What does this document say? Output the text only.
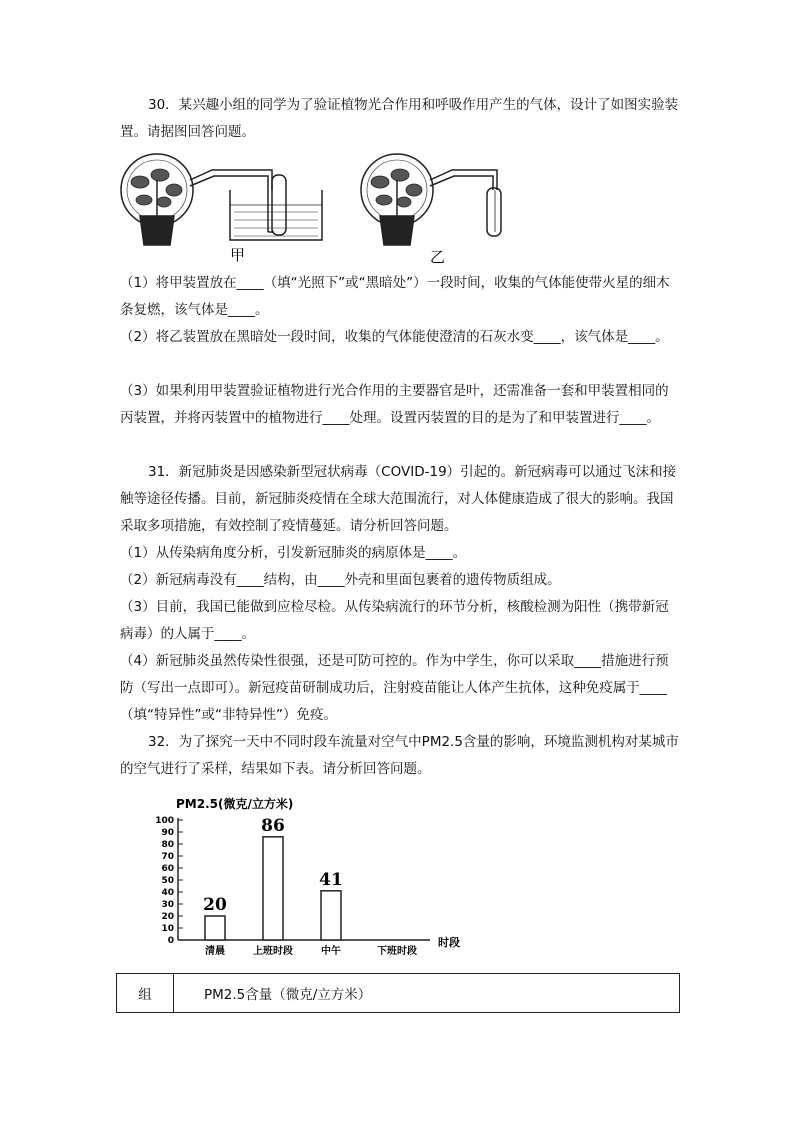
30．某兴趣小组的同学为了验证植物光合作用和呼吸作用产生的气体，设计了如图实验装置。请据图回答问题。

甲	乙

（1）将甲装置放在____（填“光照下”或“黑暗处”）一段时间，收集的气体能使带火星的细木条复燃，该气体是____。

（2）将乙装置放在黑暗处一段时间，收集的气体能使澄清的石灰水变____，该气体是____。

（3）如果利用甲装置验证植物进行光合作用的主要器官是叶，还需准备一套和甲装置相同的丙装置，并将丙装置中的植物进行____处理。设置丙装置的目的是为了和甲装置进行____。

31．新冠肺炎是因感染新型冠状病毒（COVID-19）引起的。新冠病毒可以通过飞沫和接触等途径传播。目前，新冠肺炎疫情在全球大范围流行，对人体健康造成了很大的影响。我国采取多项措施，有效控制了疫情蔓延。请分析回答问题。

（1）从传染病角度分析，引发新冠肺炎的病原体是____。

（2）新冠病毒没有____结构，由____外壳和里面包裹着的遗传物质组成。

（3）目前，我国已能做到应检尽检。从传染病流行的环节分析，核酸检测为阳性（携带新冠病毒）的人属于____。

（4）新冠肺炎虽然传染性很强，还是可防可控的。作为中学生，你可以采取____措施进行预防（写出一点即可）。新冠疫苗研制成功后，注射疫苗能让人体产生抗体，这种免疫属于____（填“特异性”或“非特异性”）免疫。

32．为了探究一天中不同时段车流量对空气中PM2.5含量的影响，环境监测机构对某城市的空气进行了采样，结果如下表。请分析回答问题。

PM2.5(微克/立方米)
0
10
20
30
40
50
60
70
80
90
100
20
86
41
清晨	上班时段	中午	下班时段
时段
组	PM2.5含量（微克/立方米）
